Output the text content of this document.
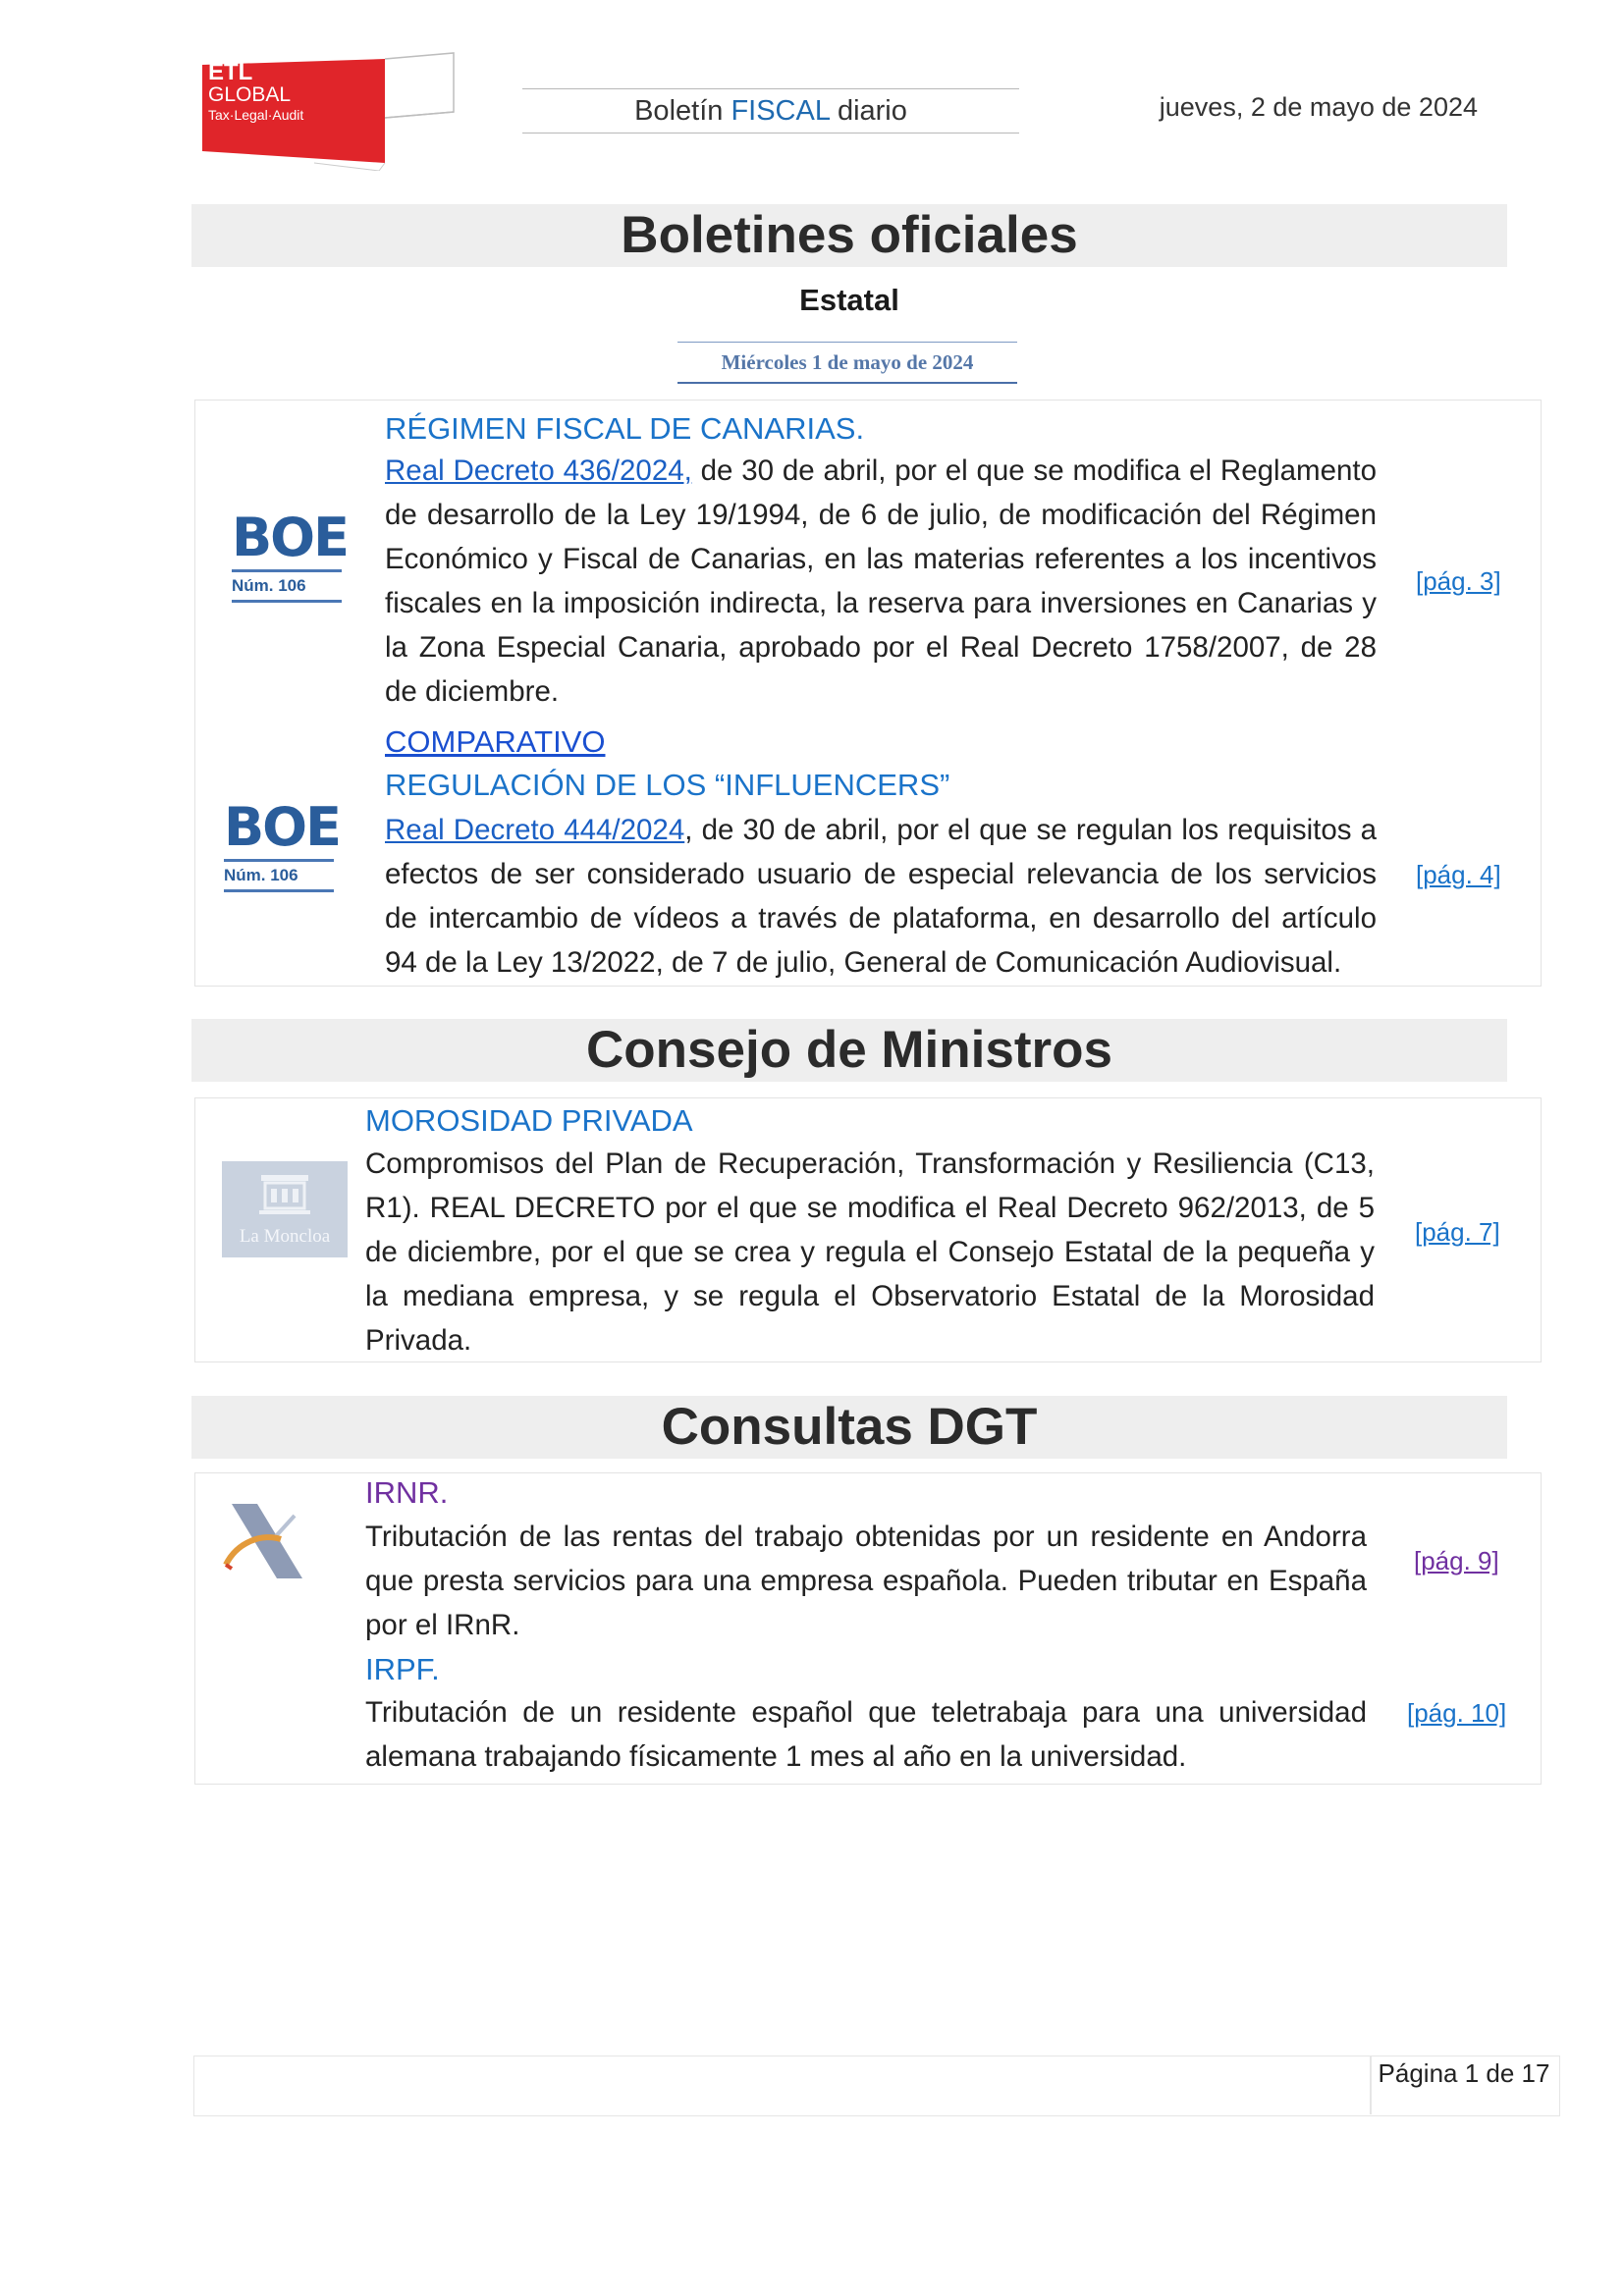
ETL
GLOBAL
Tax·Legal·Audit	Boletín FISCAL diario	jueves, 2 de mayo de 2024
Boletines oficiales
Estatal
Miércoles 1 de mayo de 2024
BOE
Núm. 106
RÉGIMEN FISCAL DE CANARIAS.
Real Decreto 436/2024, de 30 de abril, por el que se modifica el Reglamento de desarrollo de la Ley 19/1994, de 6 de julio, de modificación del Régimen Económico y Fiscal de Canarias, en las materias referentes a los incentivos fiscales en la imposición indirecta, la reserva para inversiones en Canarias y la Zona Especial Canaria, aprobado por el Real Decreto 1758/2007, de 28 de diciembre.
[pág. 3]
BOE
Núm. 106
COMPARATIVO
REGULACIÓN DE LOS “INFLUENCERS”
Real Decreto 444/2024, de 30 de abril, por el que se regulan los requisitos a efectos de ser considerado usuario de especial relevancia de los servicios de intercambio de vídeos a través de plataforma, en desarrollo del artículo 94 de la Ley 13/2022, de 7 de julio, General de Comunicación Audiovisual.
[pág. 4]
Consejo de Ministros
La Moncloa
MOROSIDAD PRIVADA
Compromisos del Plan de Recuperación, Transformación y Resiliencia (C13, R1). REAL DECRETO por el que se modifica el Real Decreto 962/2013, de 5 de diciembre, por el que se crea y regula el Consejo Estatal de la pequeña y la mediana empresa, y se regula el Observatorio Estatal de la Morosidad Privada.
[pág. 7]
Consultas DGT
IRNR.
Tributación de las rentas del trabajo obtenidas por un residente en Andorra que presta servicios para una empresa española. Pueden tributar en España por el IRnR.
[pág. 9]
IRPF.
Tributación de un residente español que teletrabaja para una universidad alemana trabajando físicamente 1 mes al año en la universidad.
[pág. 10]
Página 1 de 17
